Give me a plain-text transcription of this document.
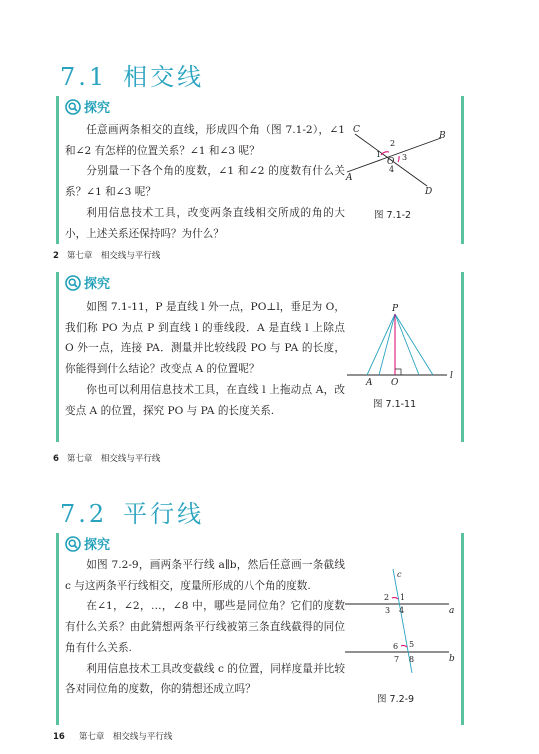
7.1 相交线
探究

任意画两条相交的直线，形成四个角（图 7.1-2），∠1 和∠2 有怎样的位置关系？∠1 和∠3 呢？

分别量一下各个角的度数，∠1 和∠2 的度数有什么关系？∠1 和∠3 呢？

利用信息技术工具，改变两条直线相交所成的角的大小，上述关系还保持吗？为什么？

C
B
A
D
O
1
2
3
4
图 7.1-2
2 第七章　相交线与平行线
探究

如图 7.1-11，P 是直线 l 外一点，PO⊥l，垂足为 O，我们称 PO 为点 P 到直线 l 的垂线段．A 是直线 l 上除点 O 外一点，连接 PA．测量并比较线段 PO 与 PA 的长度，你能得到什么结论？改变点 A 的位置呢？

你也可以利用信息技术工具，在直线 l 上拖动点 A，改变点 A 的位置，探究 PO 与 PA 的长度关系.

P
A O
l
图 7.1-11
6 第七章　相交线与平行线
7.2 平行线
探究

如图 7.2-9，画两条平行线 a∥b，然后任意画一条截线 c 与这两条平行线相交，度量所形成的八个角的度数.

在∠1，∠2，…，∠8 中，哪些是同位角？它们的度数有什么关系？由此猜想两条平行线被第三条直线截得的同位角有什么关系.

利用信息技术工具改变截线 c 的位置，同样度量并比较各对同位角的度数，你的猜想还成立吗？

c
a
b
1
2
3 4
5
6
7 8
图 7.2-9
16 第七章　相交线与平行线
